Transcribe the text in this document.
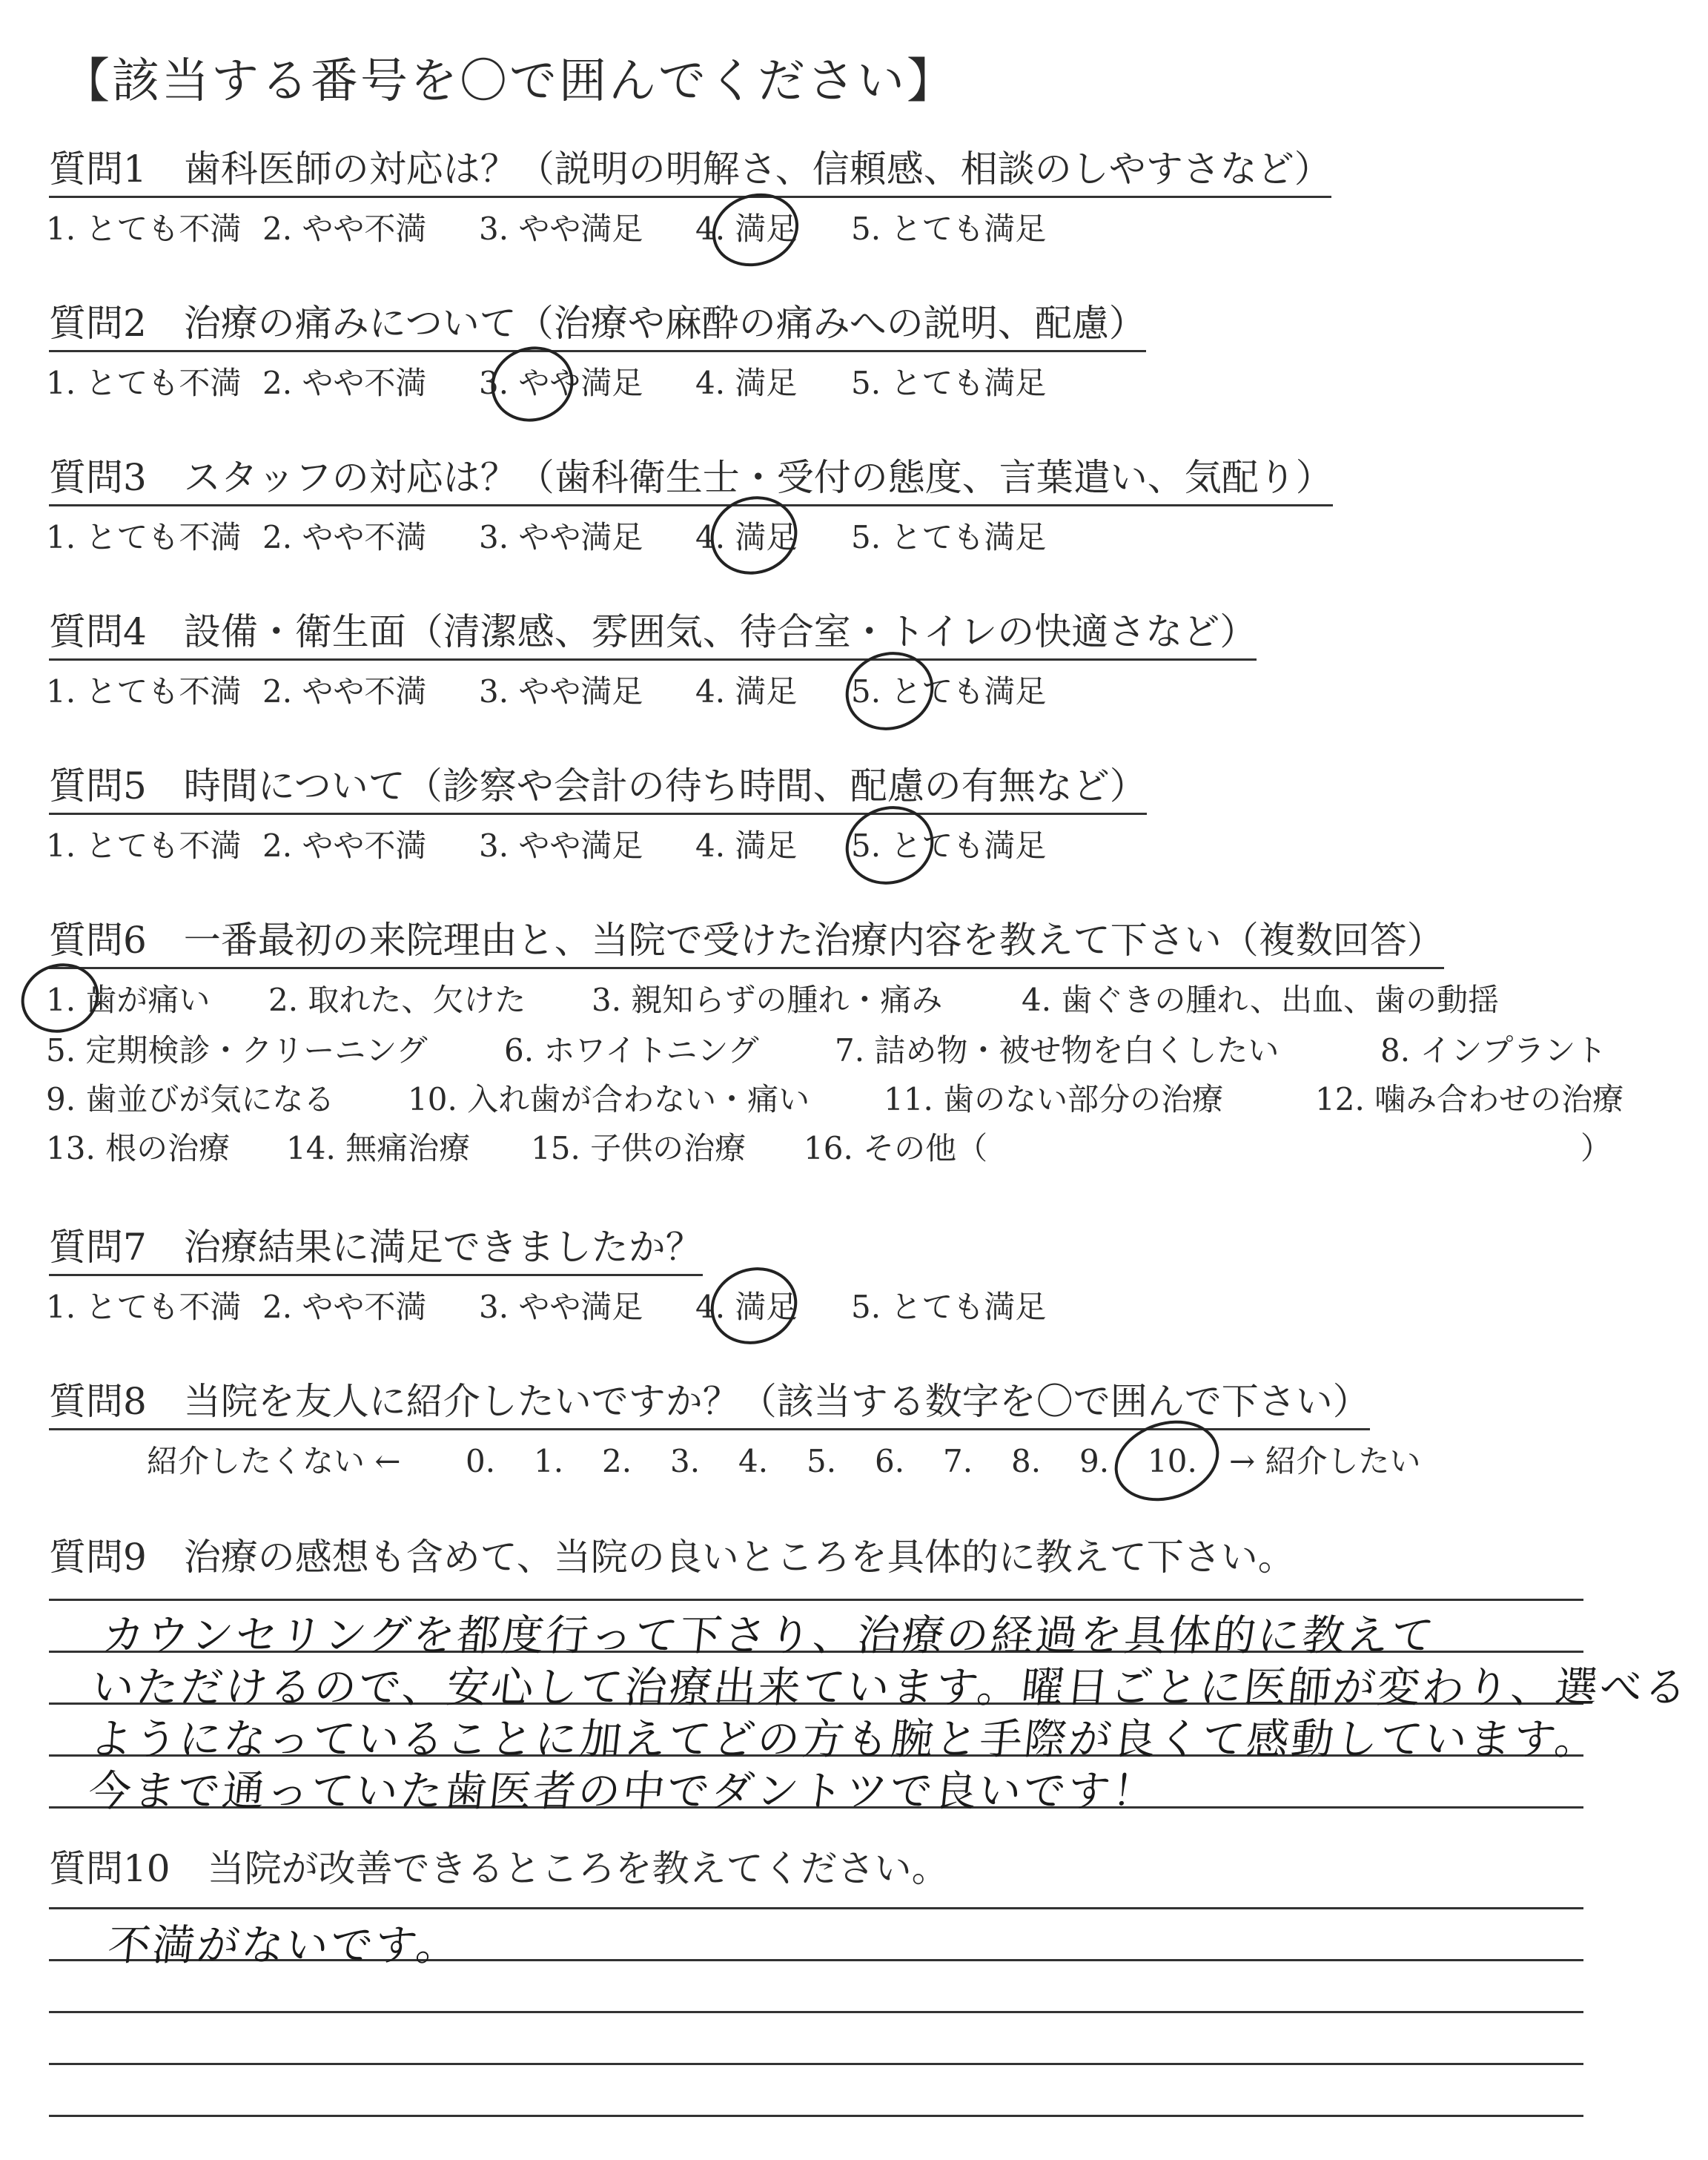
【該当する番号を〇で囲んでください】
質問1　歯科医師の対応は？（説明の明解さ、信頼感、相談のしやすさなど）
1. とても不満 2. やや不満 3. やや満足 4. 満足 5. とても満足
質問2　治療の痛みについて（治療や麻酔の痛みへの説明、配慮）
1. とても不満 2. やや不満 3. やや満足 4. 満足 5. とても満足
質問3　スタッフの対応は？（歯科衛生士・受付の態度、言葉遣い、気配り）
1. とても不満 2. やや不満 3. やや満足 4. 満足 5. とても満足
質問4　設備・衛生面（清潔感、雰囲気、待合室・トイレの快適さなど）
1. とても不満 2. やや不満 3. やや満足 4. 満足 5. とても満足
質問5　時間について（診察や会計の待ち時間、配慮の有無など）
1. とても不満 2. やや不満 3. やや満足 4. 満足 5. とても満足
質問6　一番最初の来院理由と、当院で受けた治療内容を教えて下さい（複数回答）
1. 歯が痛い 2. 取れた、欠けた 3. 親知らずの腫れ・痛み	4. 歯ぐきの腫れ、出血、歯の動揺
5. 定期検診・クリーニング 6. ホワイトニング 7. 詰め物・被せ物を白くしたい	8. インプラント
9. 歯並びが気になる 10. 入れ歯が合わない・痛い 11. 歯のない部分の治療	12. 噛み合わせの治療
13. 根の治療 14. 無痛治療 15. 子供の治療 16. その他（	）
質問7　治療結果に満足できましたか？
1. とても不満 2. やや不満 3. やや満足 4. 満足 5. とても満足
質問8　当院を友人に紹介したいですか？（該当する数字を〇で囲んで下さい）
紹介したくない ← 0. 1. 2. 3. 4. 5. 6. 7. 8. 9. 10. → 紹介したい
質問9　治療の感想も含めて、当院の良いところを具体的に教えて下さい。
カウンセリングを都度行って下さり、治療の経過を具体的に教えて
いただけるので、安心して治療出来ています。曜日ごとに医師が変わり、選べる
ようになっていることに加えてどの方も腕と手際が良くて感動しています。
今まで通っていた歯医者の中でダントツで良いです！
質問10　当院が改善できるところを教えてください。
不満がないです。
